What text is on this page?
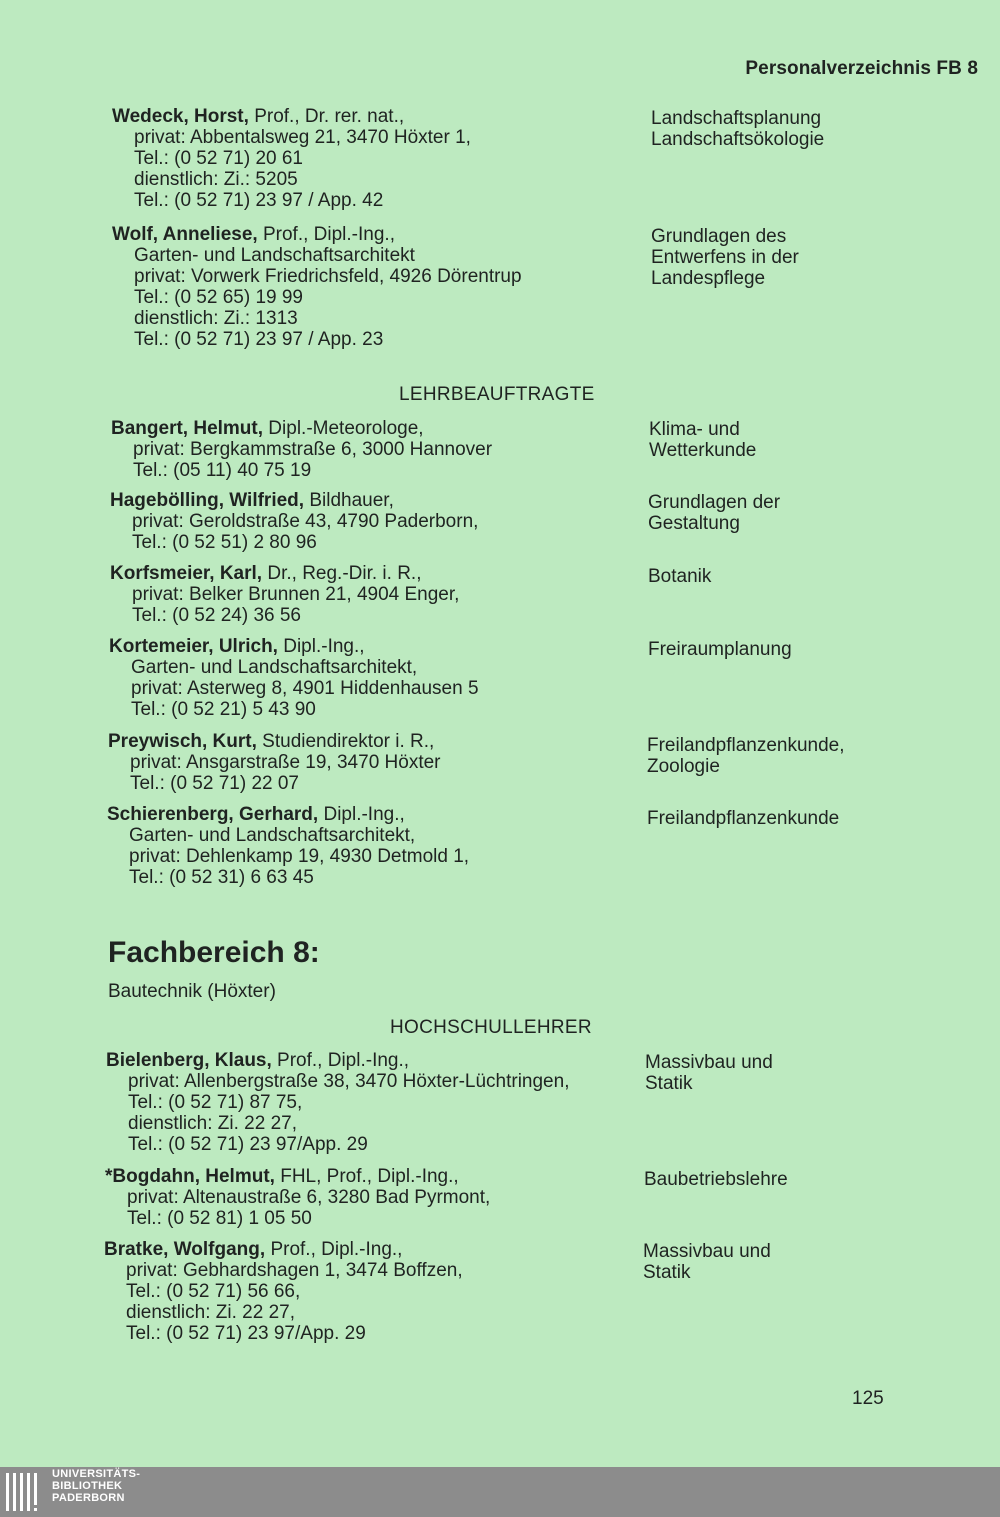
Personalverzeichnis FB 8
Wedeck, Horst, Prof., Dr. rer. nat.,
privat: Abbentalsweg 21, 3470 Höxter 1,
Tel.: (0 52 71) 20 61
dienstlich: Zi.: 5205
Tel.: (0 52 71) 23 97 / App. 42
Landschaftsplanung
Landschaftsökologie
Wolf, Anneliese, Prof., Dipl.-Ing.,
Garten- und Landschaftsarchitekt
privat: Vorwerk Friedrichsfeld, 4926 Dörentrup
Tel.: (0 52 65) 19 99
dienstlich: Zi.: 1313
Tel.: (0 52 71) 23 97 / App. 23
Grundlagen des
Entwerfens in der
Landespflege
LEHRBEAUFTRAGTE
Bangert, Helmut, Dipl.-Meteorologe,
privat: Bergkammstraße 6, 3000 Hannover
Tel.: (05 11) 40 75 19
Klima- und
Wetterkunde
Hagebölling, Wilfried, Bildhauer,
privat: Geroldstraße 43, 4790 Paderborn,
Tel.: (0 52 51) 2 80 96
Grundlagen der
Gestaltung
Korfsmeier, Karl, Dr., Reg.-Dir. i. R.,
privat: Belker Brunnen 21, 4904 Enger,
Tel.: (0 52 24) 36 56
Botanik
Kortemeier, Ulrich, Dipl.-Ing.,
Garten- und Landschaftsarchitekt,
privat: Asterweg 8, 4901 Hiddenhausen 5
Tel.: (0 52 21) 5 43 90
Freiraumplanung
Preywisch, Kurt, Studiendirektor i. R.,
privat: Ansgarstraße 19, 3470 Höxter
Tel.: (0 52 71) 22 07
Freilandpflanzenkunde,
Zoologie
Schierenberg, Gerhard, Dipl.-Ing.,
Garten- und Landschaftsarchitekt,
privat: Dehlenkamp 19, 4930 Detmold 1,
Tel.: (0 52 31) 6 63 45
Freilandpflanzenkunde
Fachbereich 8:
Bautechnik (Höxter)
HOCHSCHULLEHRER
Bielenberg, Klaus, Prof., Dipl.-Ing.,
privat: Allenbergstraße 38, 3470 Höxter-Lüchtringen,
Tel.: (0 52 71) 87 75,
dienstlich: Zi. 22 27,
Tel.: (0 52 71) 23 97/App. 29
Massivbau und
Statik
*Bogdahn, Helmut, FHL, Prof., Dipl.-Ing.,
privat: Altenaustraße 6, 3280 Bad Pyrmont,
Tel.: (0 52 81) 1 05 50
Baubetriebslehre
Bratke, Wolfgang, Prof., Dipl.-Ing.,
privat: Gebhardshagen 1, 3474 Boffzen,
Tel.: (0 52 71) 56 66,
dienstlich: Zi. 22 27,
Tel.: (0 52 71) 23 97/App. 29
Massivbau und
Statik
125
UNIVERSITÄTS-
BIBLIOTHEK
PADERBORN
